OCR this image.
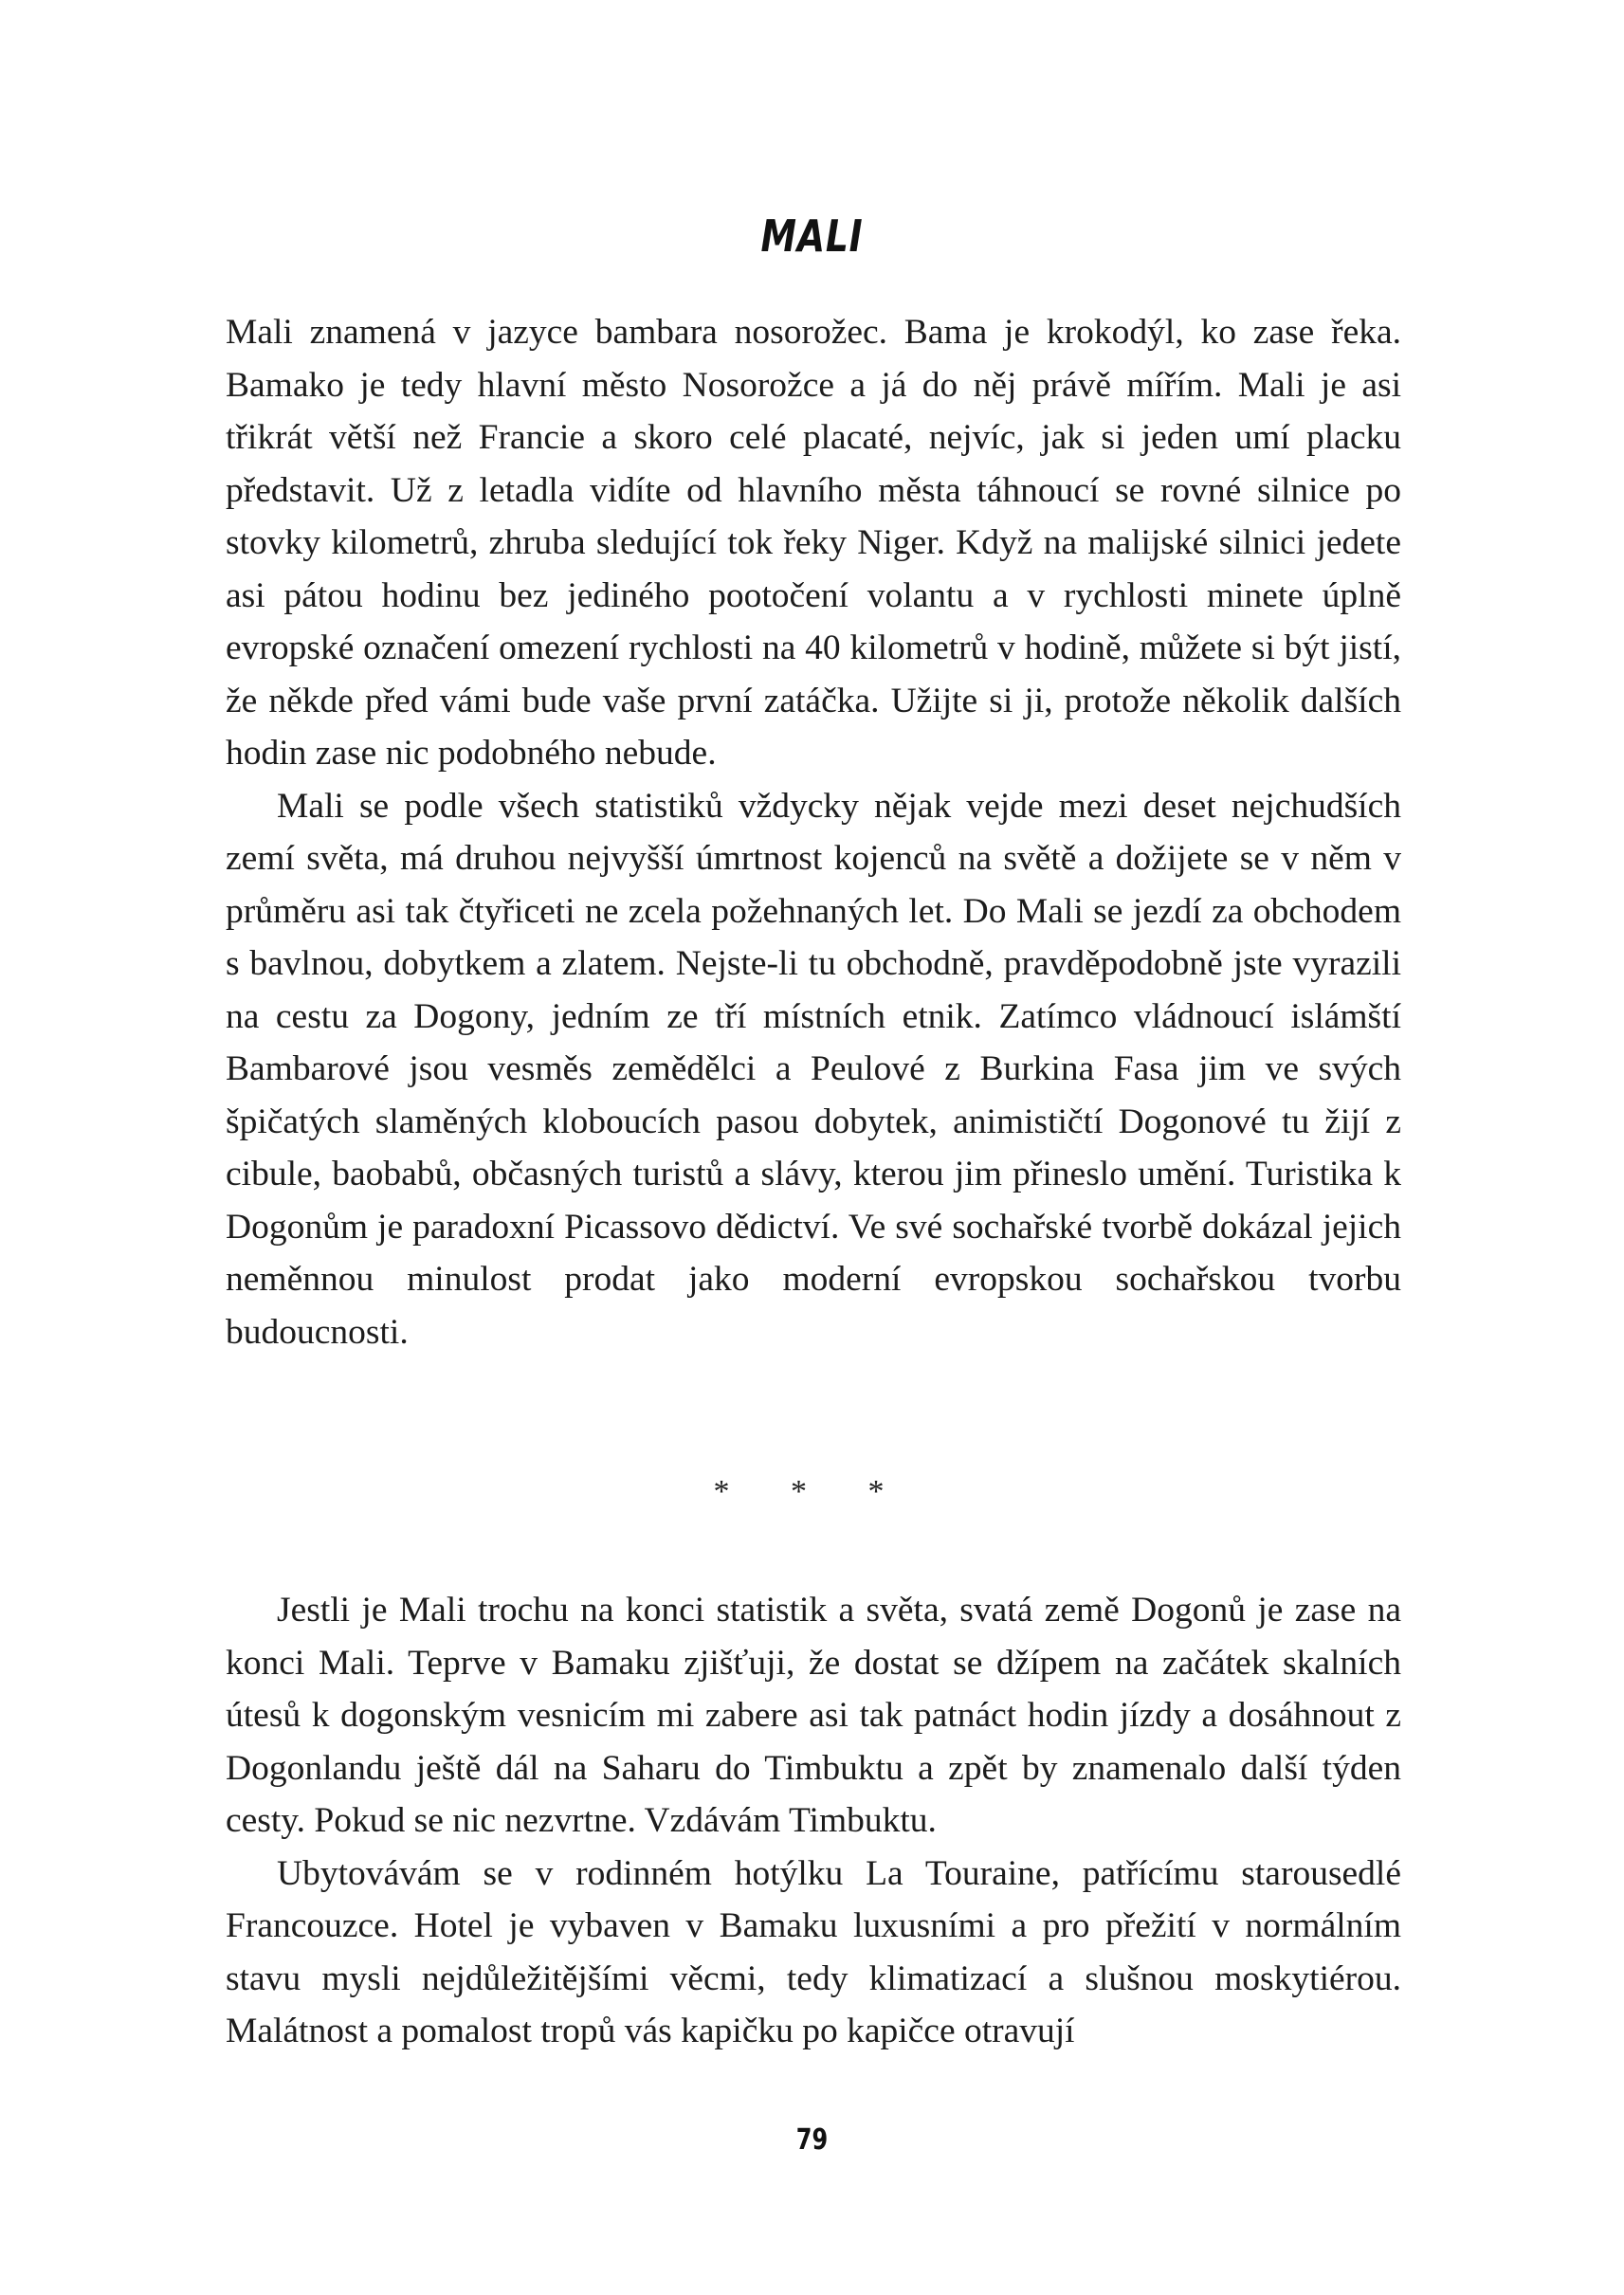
MALI

Mali znamená v jazyce bambara nosorožec. Bama je krokodýl, ko zase řeka. Bamako je tedy hlavní město Nosorožce a já do něj právě mířím. Mali je asi třikrát větší než Francie a skoro celé placaté, nejvíc, jak si jeden umí placku představit. Už z letadla vidíte od hlavního města táhnoucí se rovné silnice po stovky kilometrů, zhruba sledující tok řeky Niger. Když na malijské silnici jedete asi pátou hodinu bez jediného pootočení volantu a v rychlosti minete úplně evropské označení omezení rychlosti na 40 kilometrů v hodině, můžete si být jistí, že někde před vámi bude vaše první zatáčka. Užijte si ji, protože několik dalších hodin zase nic podobného nebude.

Mali se podle všech statistiků vždycky nějak vejde mezi deset nejchudších zemí světa, má druhou nejvyšší úmrtnost kojenců na světě a dožijete se v něm v průměru asi tak čtyřiceti ne zcela požehnaných let. Do Mali se jezdí za obchodem s bavlnou, dobytkem a zlatem. Nejste-li tu obchodně, pravděpodobně jste vyrazili na cestu za Dogony, jedním ze tří místních etnik. Zatímco vládnoucí islámští Bambarové jsou vesměs zemědělci a Peulové z Burkina Fasa jim ve svých špičatých slaměných kloboucích pasou dobytek, animističtí Dogonové tu žijí z cibule, baobabů, občasných turistů a slávy, kterou jim přineslo umění. Turistika k Dogonům je paradoxní Picassovo dědictví. Ve své sochařské tvorbě dokázal jejich neměnnou minulost prodat jako moderní evropskou sochařskou tvorbu budoucnosti.

* * *

Jestli je Mali trochu na konci statistik a světa, svatá země Dogonů je zase na konci Mali. Teprve v Bamaku zjišťuji, že dostat se džípem na začátek skalních útesů k dogonským vesnicím mi zabere asi tak patnáct hodin jízdy a dosáhnout z Dogonlandu ještě dál na Saharu do Timbuktu a zpět by znamenalo další týden cesty. Pokud se nic nezvrtne. Vzdávám Timbuktu.

Ubytovávám se v rodinném hotýlku La Touraine, patřícímu starousedlé Francouzce. Hotel je vybaven v Bamaku luxusními a pro přežití v normálním stavu mysli nejdůležitějšími věcmi, tedy klimatizací a slušnou moskytiérou. Malátnost a pomalost tropů vás kapičku po kapičce otravují

79
